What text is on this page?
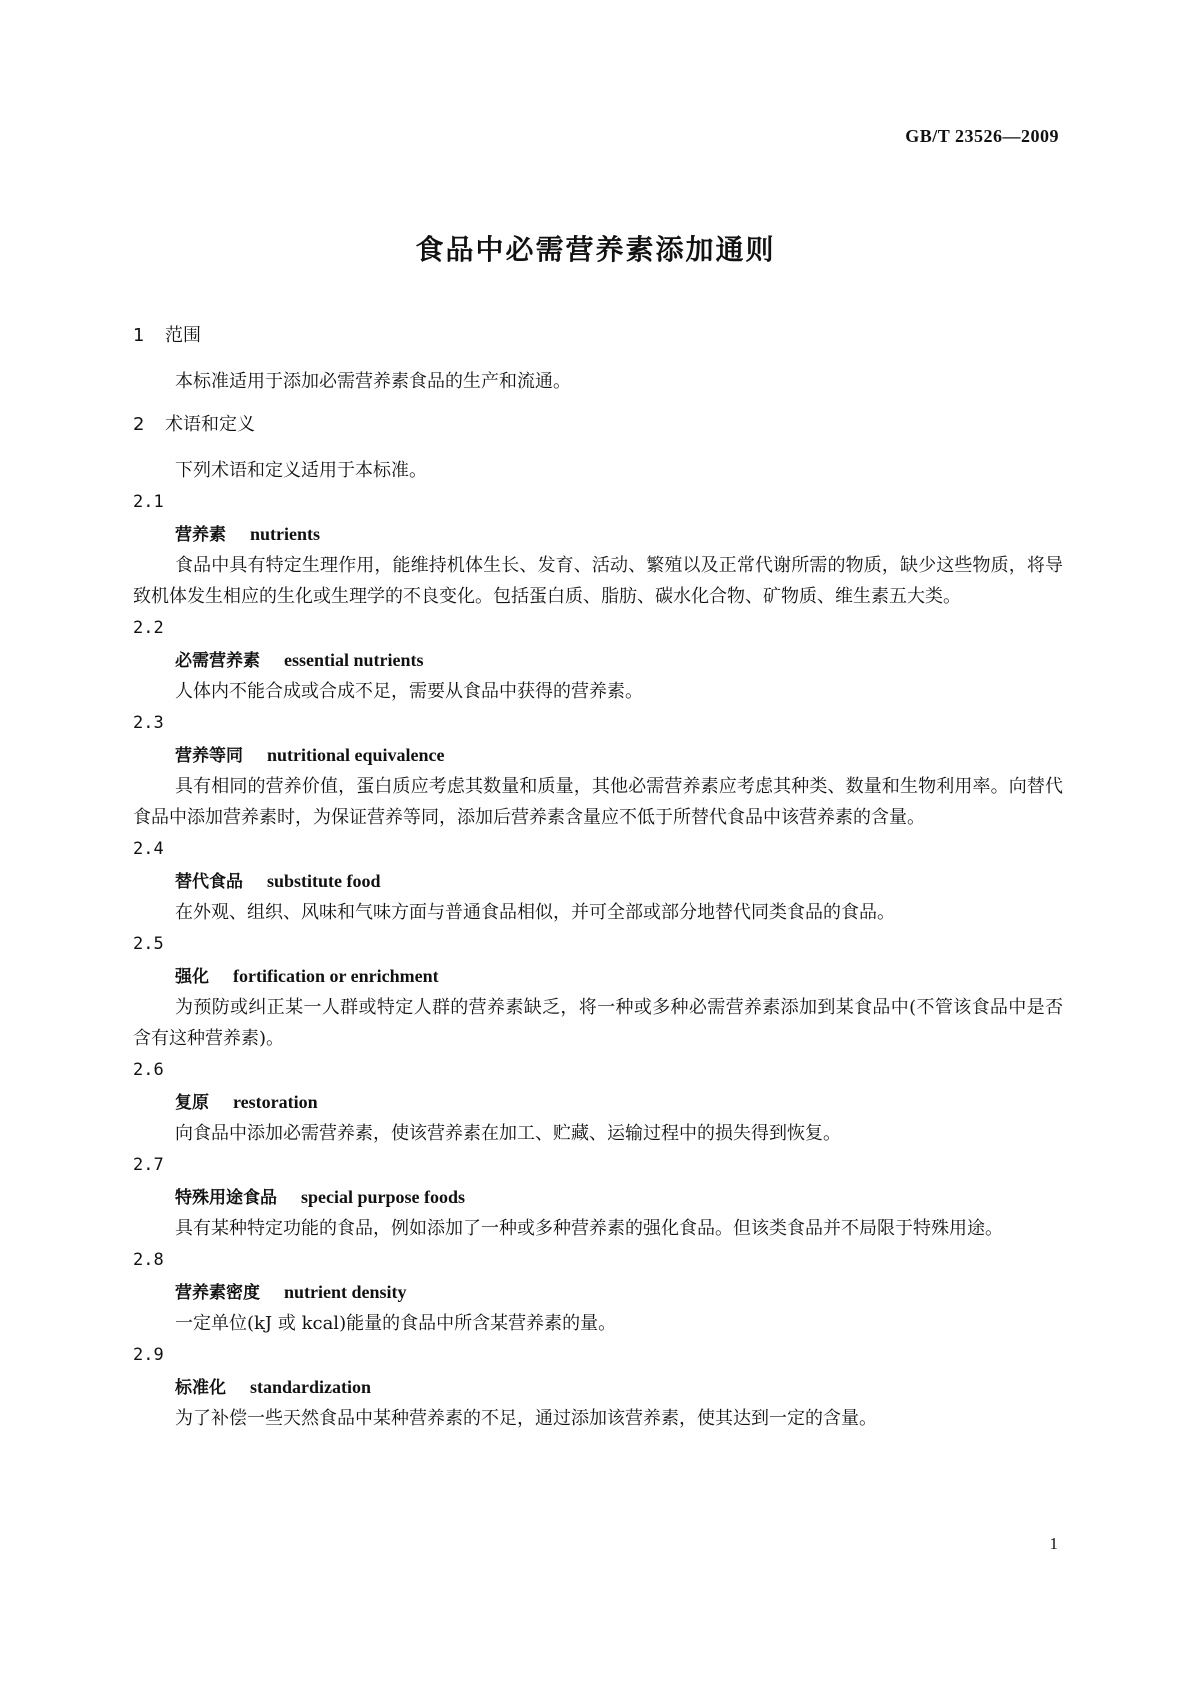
GB/T 23526—2009
食品中必需营养素添加通则
1 范围

本标准适用于添加必需营养素食品的生产和流通。

2 术语和定义

下列术语和定义适用于本标准。

2.1

营养素 nutrients

食品中具有特定生理作用，能维持机体生长、发育、活动、繁殖以及正常代谢所需的物质，缺少这些物质，将导致机体发生相应的生化或生理学的不良变化。包括蛋白质、脂肪、碳水化合物、矿物质、维生素五大类。

2.2

必需营养素 essential nutrients

人体内不能合成或合成不足，需要从食品中获得的营养素。

2.3

营养等同 nutritional equivalence

具有相同的营养价值，蛋白质应考虑其数量和质量，其他必需营养素应考虑其种类、数量和生物利用率。向替代食品中添加营养素时，为保证营养等同，添加后营养素含量应不低于所替代食品中该营养素的含量。

2.4

替代食品 substitute food

在外观、组织、风味和气味方面与普通食品相似，并可全部或部分地替代同类食品的食品。

2.5

强化 fortification or enrichment

为预防或纠正某一人群或特定人群的营养素缺乏，将一种或多种必需营养素添加到某食品中(不管该食品中是否含有这种营养素)。

2.6

复原 restoration

向食品中添加必需营养素，使该营养素在加工、贮藏、运输过程中的损失得到恢复。

2.7

特殊用途食品 special purpose foods

具有某种特定功能的食品，例如添加了一种或多种营养素的强化食品。但该类食品并不局限于特殊用途。

2.8

营养素密度 nutrient density

一定单位(kJ 或 kcal)能量的食品中所含某营养素的量。

2.9

标准化 standardization

为了补偿一些天然食品中某种营养素的不足，通过添加该营养素，使其达到一定的含量。

1
